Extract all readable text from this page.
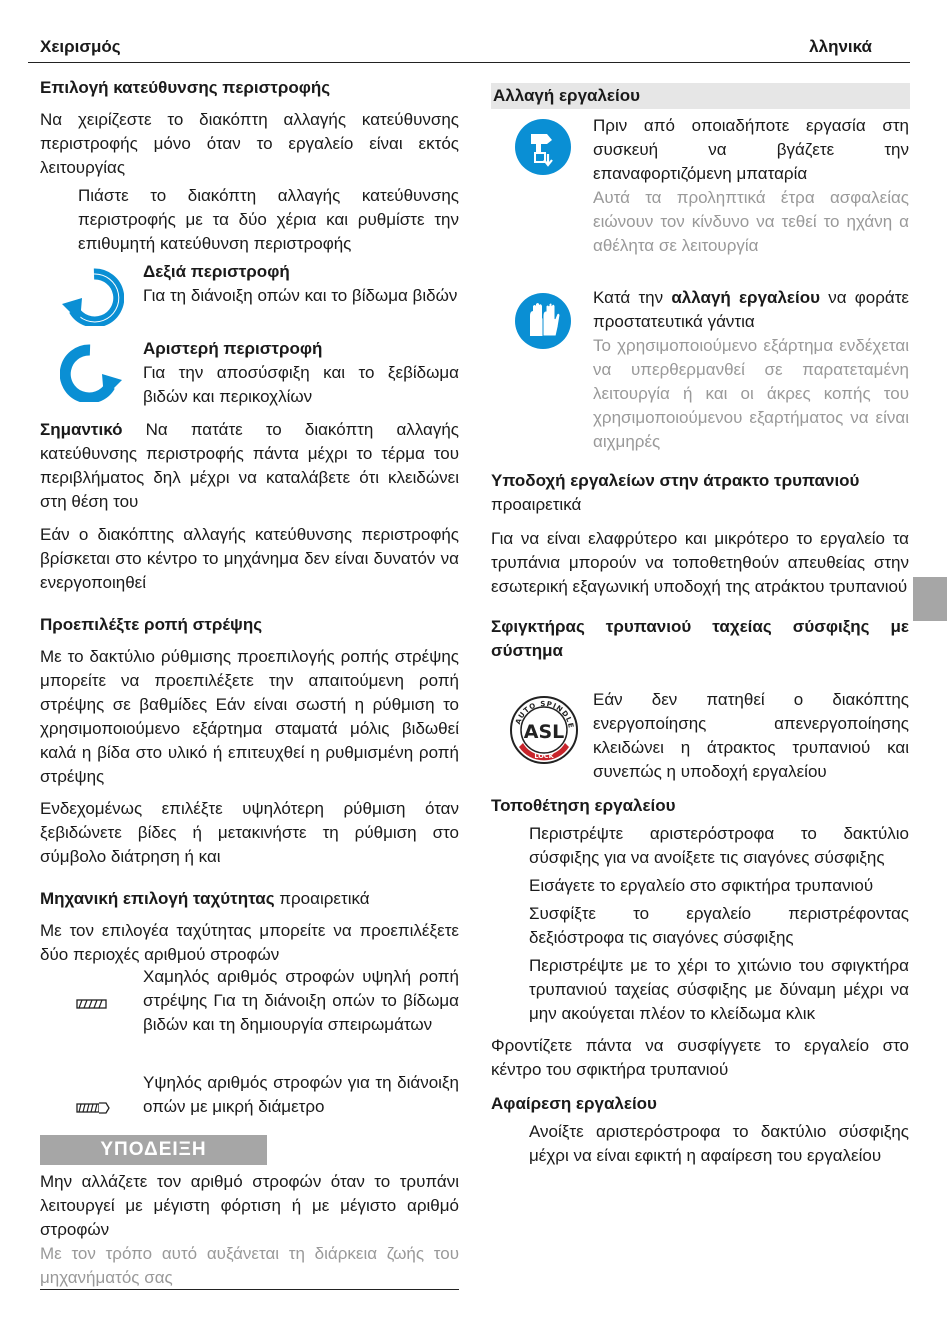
Χειρισμός	λληνικά
Επιλογή κατεύθυνσης περιστροφής

Να χειρίζεστε το διακόπτη αλλαγής κατεύθυνσης περιστροφής μόνο όταν το εργαλείο είναι εκτός λειτουργίας

Πιάστε το διακόπτη αλλαγής κατεύθυνσης περιστροφής με τα δύο χέρια και ρυθμίστε την επιθυμητή κατεύθυνση περιστροφής

Δεξιά περιστροφή

Για τη διάνοιξη οπών και το βίδωμα βιδών

Αριστερή περιστροφή

Για την αποσύσφιξη και το ξεβίδωμα βιδών και περικοχλίων

Σημαντικό Να πατάτε το διακόπτη αλλαγής κατεύθυνσης περιστροφής πάντα μέχρι το τέρμα του περιβλήματος δηλ μέχρι να καταλάβετε ότι κλειδώνει στη θέση του

Εάν ο διακόπτης αλλαγής κατεύθυνσης περιστροφής βρίσκεται στο κέντρο το μηχάνημα δεν είναι δυνατόν να ενεργοποιηθεί

Προεπιλέξτε ροπή στρέψης

Με το δακτύλιο ρύθμισης προεπιλογής ροπής στρέψης μπορείτε να προεπιλέξετε την απαιτούμενη ροπή στρέψης σε βαθμίδες Εάν είναι σωστή η ρύθμιση το χρησιμοποιούμενο εξάρτημα σταματά μόλις βιδωθεί καλά η βίδα στο υλικό ή επιτευχθεί η ρυθμισμένη ροπή στρέψης

Ενδεχομένως επιλέξτε υψηλότερη ρύθμιση όταν ξεβιδώνετε βίδες ή μετακινήστε τη ρύθμιση στο σύμβολο διάτρηση ή και

Μηχανική επιλογή ταχύτητας προαιρετικά

Με τον επιλογέα ταχύτητας μπορείτε να προεπιλέξετε δύο περιοχές αριθμού στροφών

Χαμηλός αριθμός στροφών υψηλή ροπή στρέψης Για τη διάνοιξη οπών το βίδωμα βιδών και τη δημιουργία σπειρωμάτων

Υψηλός αριθμός στροφών για τη διάνοιξη οπών με μικρή διάμετρο

ΥΠΟΔΕΙΞΗ

Μην αλλάζετε τον αριθμό στροφών όταν το τρυπάνι λειτουργεί με μέγιστη φόρτιση ή με μέγιστο αριθμό στροφών

Με τον τρόπο αυτό αυξάνεται τη διάρκεια ζωής του μηχανήματός σας

Αλλαγή εργαλείου

Πριν από οποιαδήποτε εργασία στη συσκευή να βγάζετε την επαναφορτιζόμενη μπαταρία

Αυτά τα προληπτικά έτρα ασφαλείας ειώνουν τον κίνδυνο να τεθεί το ηχάνη α αθέλητα σε λειτουργία

Κατά την αλλαγή εργαλείου να φοράτε προστατευτικά γάντια

Το χρησιμοποιούμενο εξάρτημα ενδέχεται να υπερθερμανθεί σε παρατεταμένη λειτουργία ή και οι άκρες κοπής του χρησιμοποιούμενου εξαρτήματος να είναι αιχμηρές

Υποδοχή εργαλείων στην άτρακτο τρυπανιού

προαιρετικά

Για να είναι ελαφρύτερο και μικρότερο το εργαλείο τα τρυπάνια μπορούν να τοποθετηθούν απευθείας στην εσωτερική εξαγωνική υποδοχή της ατράκτου τρυπανιού

Σφιγκτήρας τρυπανιού ταχείας σύσφιξης με σύστημα
AUTO SPINDLE
LOCK
ASL

Εάν δεν πατηθεί ο διακόπτης ενεργοποίησης απενεργοποίησης κλειδώνει η άτρακτος τρυπανιού και συνεπώς η υποδοχή εργαλείου

Τοποθέτηση εργαλείου

Περιστρέψτε αριστερόστροφα το δακτύλιο σύσφιξης για να ανοίξετε τις σιαγόνες σύσφιξης

Εισάγετε το εργαλείο στο σφικτήρα τρυπανιού

Συσφίξτε το εργαλείο περιστρέφοντας δεξιόστροφα τις σιαγόνες σύσφιξης

Περιστρέψτε με το χέρι το χιτώνιο του σφιγκτήρα τρυπανιού ταχείας σύσφιξης με δύναμη μέχρι να μην ακούγεται πλέον το κλείδωμα κλικ

Φροντίζετε πάντα να συσφίγγετε το εργαλείο στο κέντρο του σφικτήρα τρυπανιού

Αφαίρεση εργαλείου

Ανοίξτε αριστερόστροφα το δακτύλιο σύσφιξης μέχρι να είναι εφικτή η αφαίρεση του εργαλείου
